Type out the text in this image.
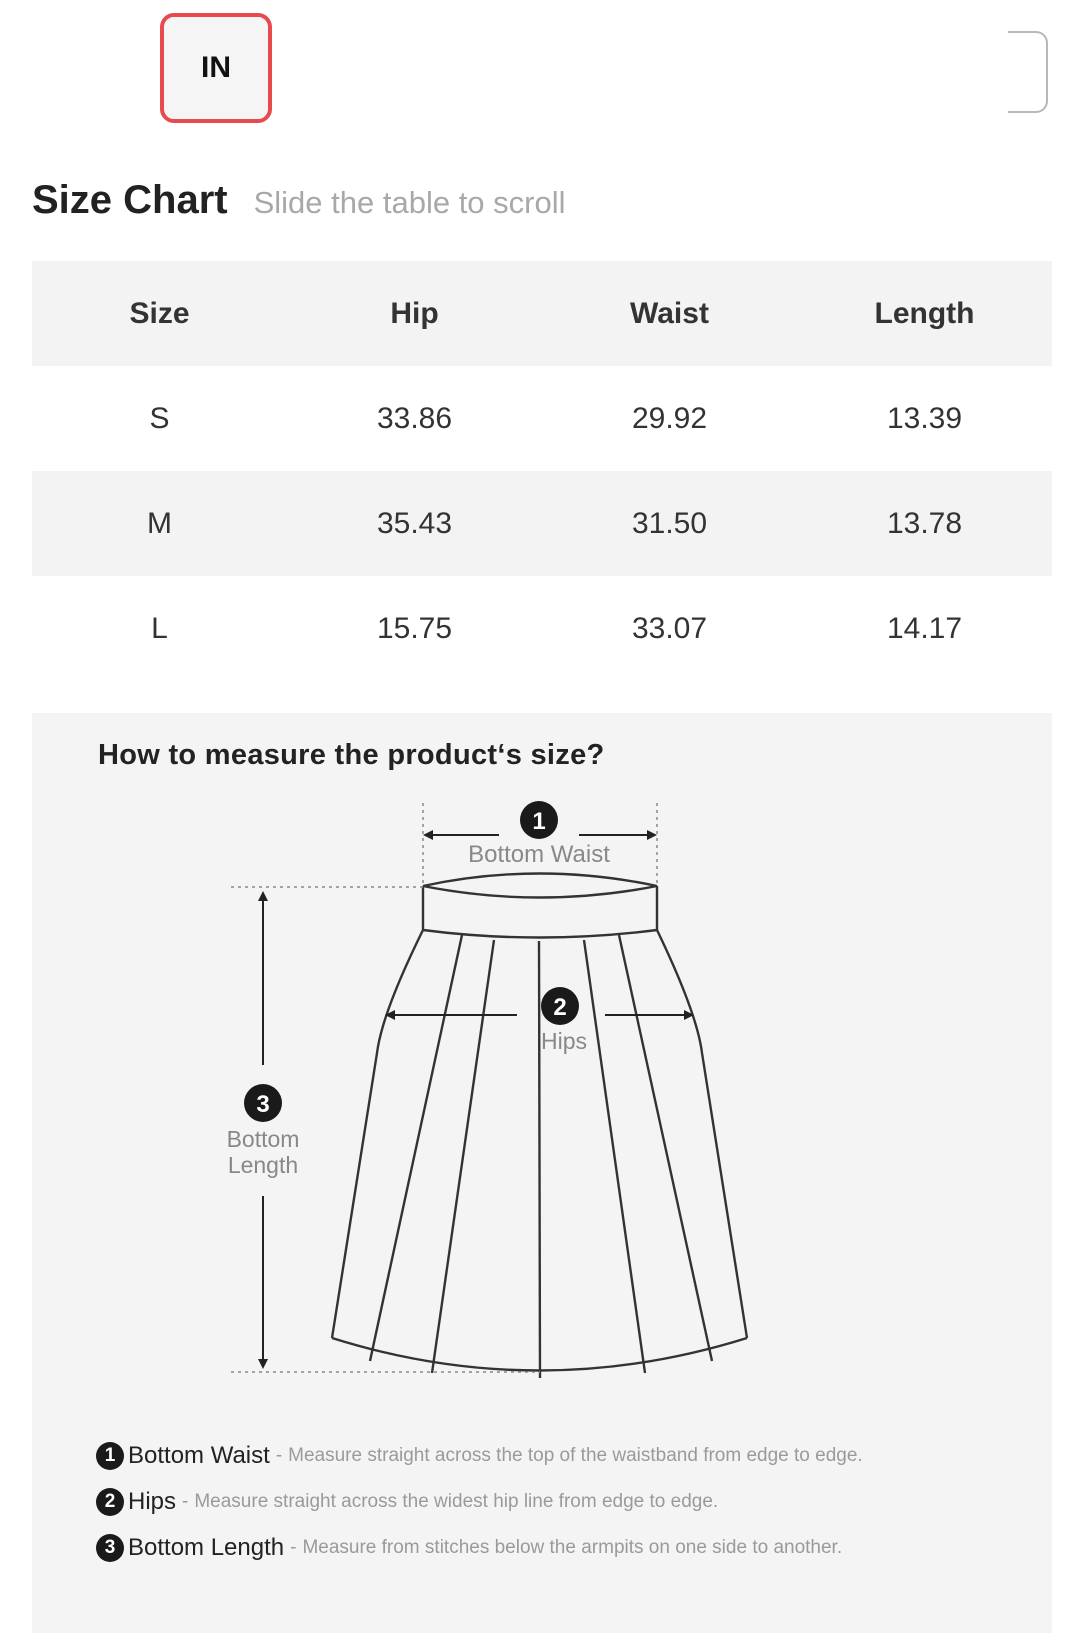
IN
Size Chart Slide the table to scroll
Size	Hip	Waist	Length
S	33.86	29.92	13.39
M	35.43	31.50	13.78
L	15.75	33.07	14.17
How to measure the product‘s size?
1
Bottom Waist
2
Hips
3
Bottom
Length
1 Bottom Waist - Measure straight across the top of the waistband from edge to edge.
2 Hips - Measure straight across the widest hip line from edge to edge.
3 Bottom Length - Measure from stitches below the armpits on one side to another.
